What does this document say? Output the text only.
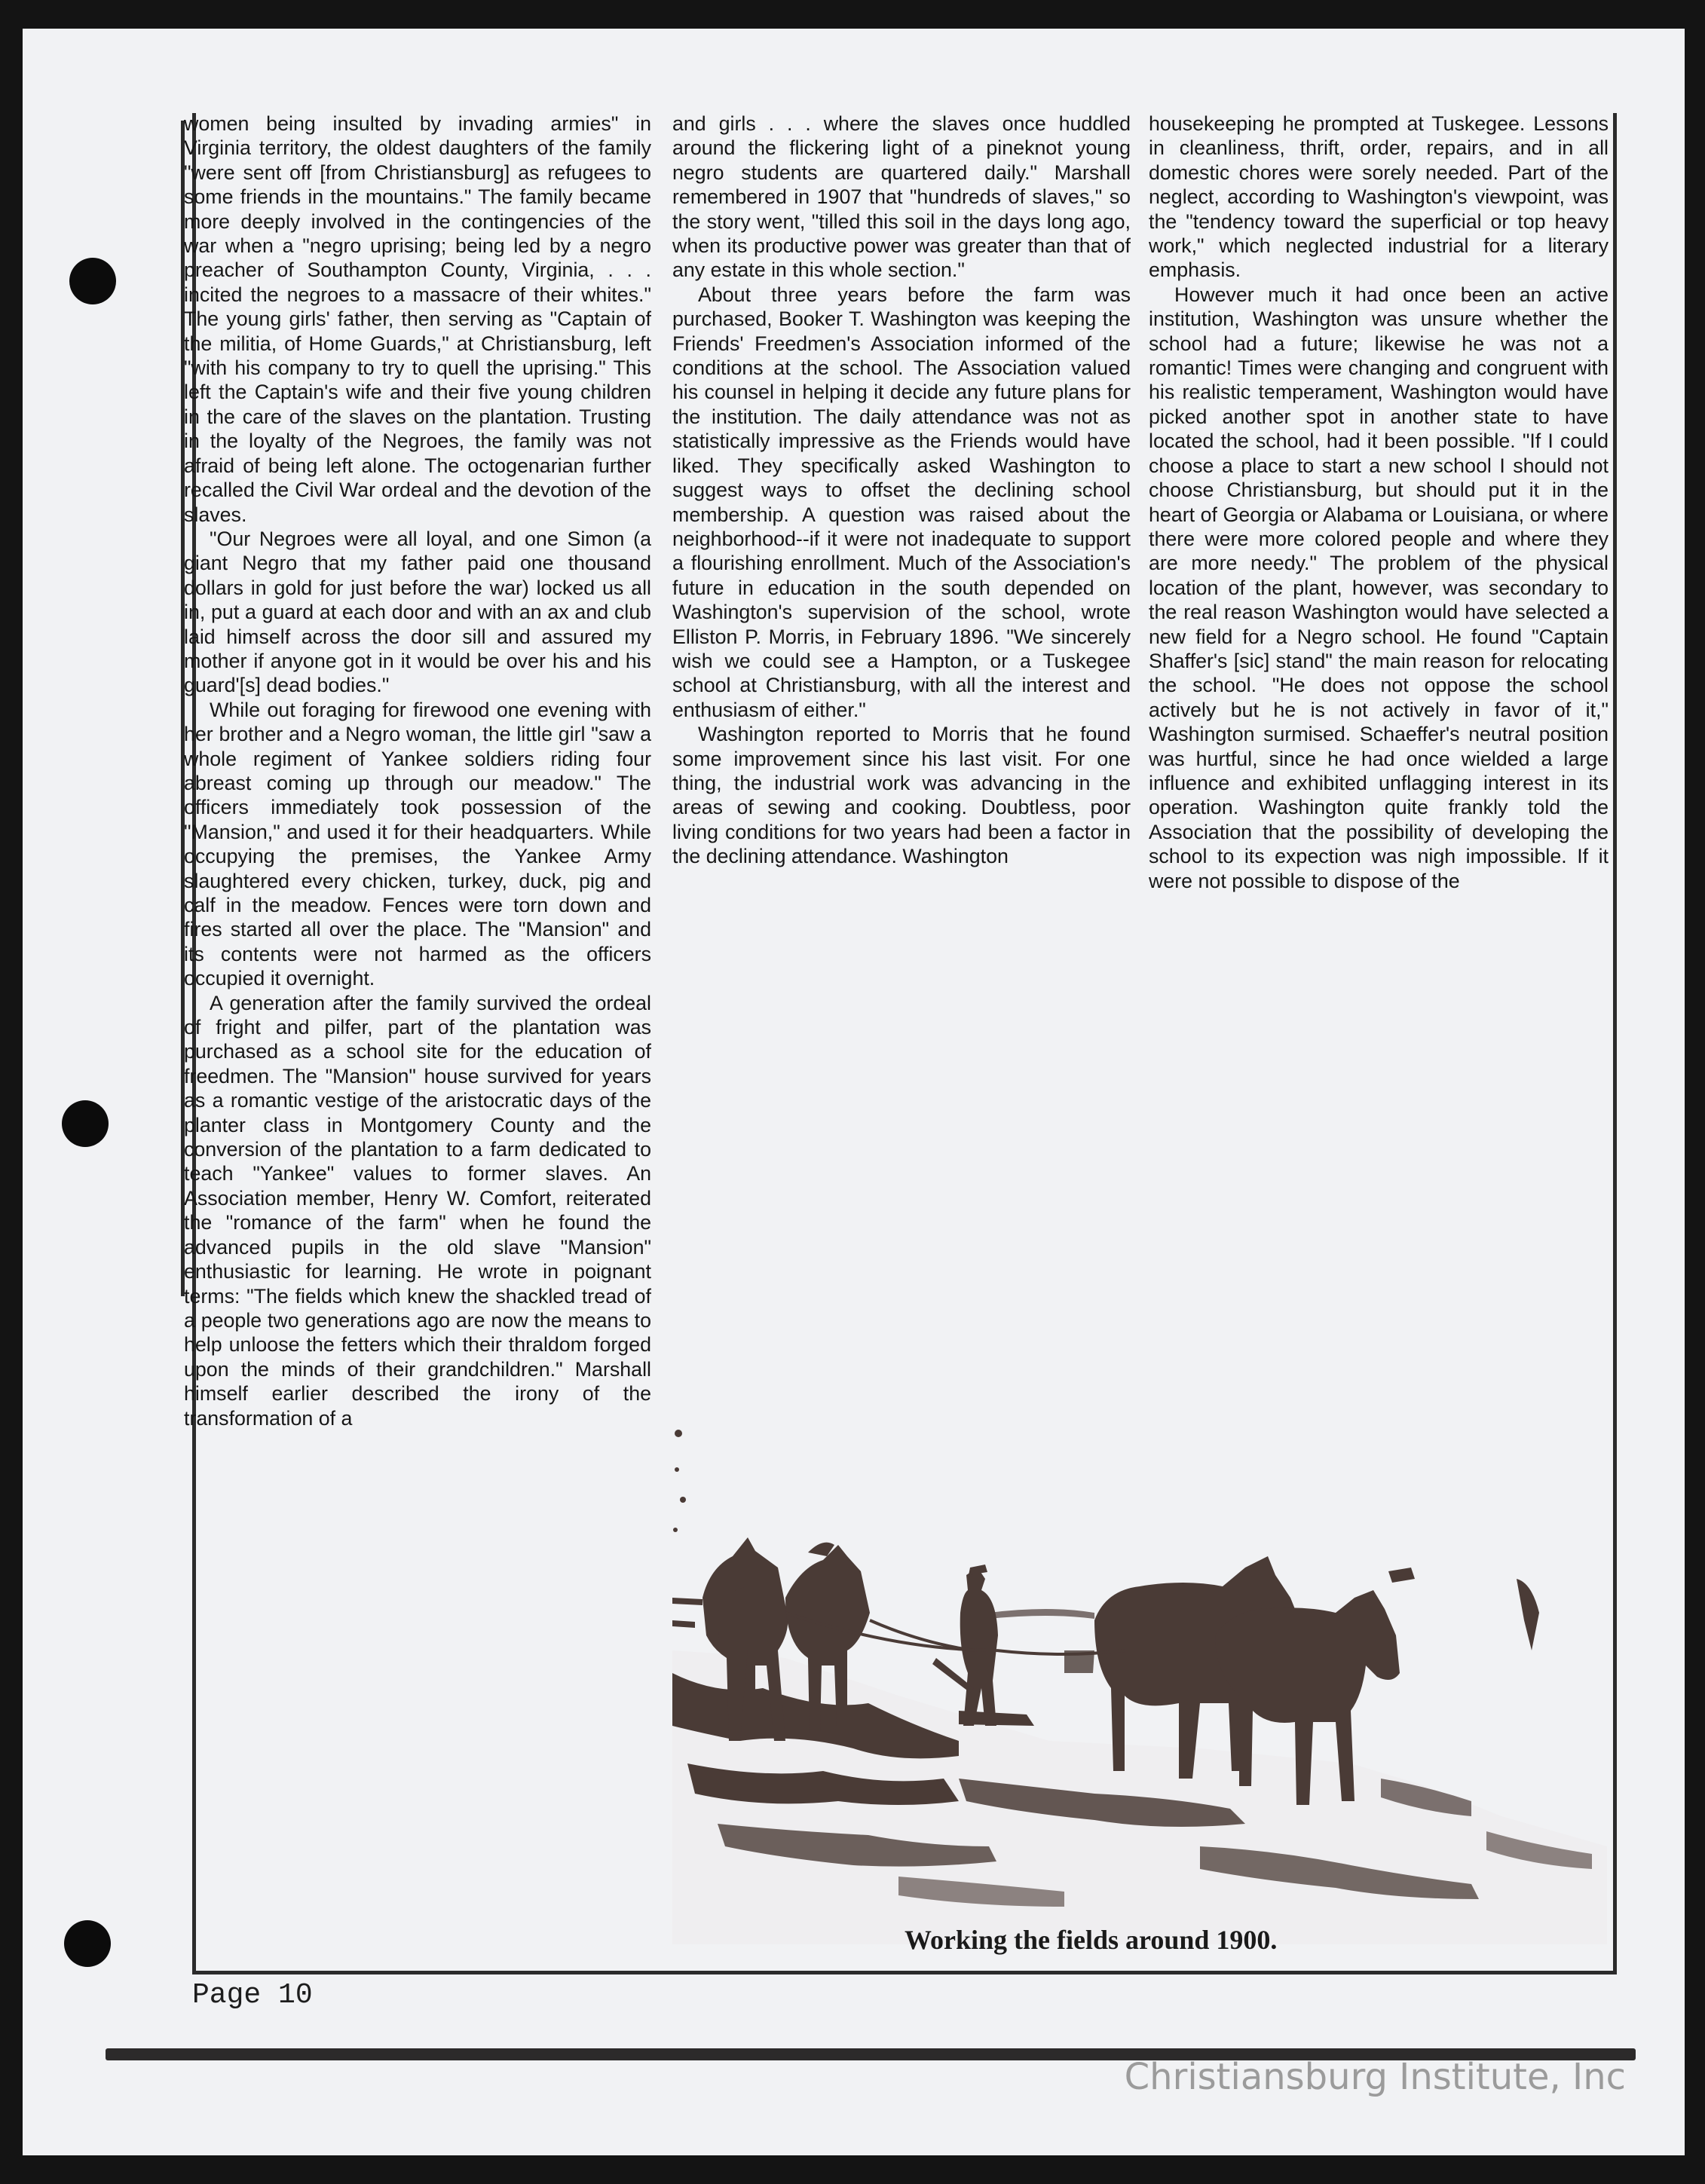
women being insulted by invading armies" in Virginia territory, the oldest daughters of the family "were sent off [from Christiansburg] as refugees to some friends in the mountains." The family became more deeply involved in the contingencies of the war when a "negro uprising; being led by a negro preacher of Southampton County, Virginia, . . . incited the negroes to a massacre of their whites." The young girls' father, then serving as "Captain of the militia, of Home Guards," at Christiansburg, left "with his company to try to quell the uprising." This left the Captain's wife and their five young children in the care of the slaves on the plantation. Trusting in the loyalty of the Negroes, the family was not afraid of being left alone. The octogenarian further recalled the Civil War ordeal and the devotion of the slaves.

"Our Negroes were all loyal, and one Simon (a giant Negro that my father paid one thousand dollars in gold for just before the war) locked us all in, put a guard at each door and with an ax and club laid himself across the door sill and assured my mother if anyone got in it would be over his and his guard'[s] dead bodies."

While out foraging for firewood one evening with her brother and a Negro woman, the little girl "saw a whole regiment of Yankee soldiers riding four abreast coming up through our meadow." The officers immediately took possession of the "Mansion," and used it for their headquarters. While occupying the premises, the Yankee Army slaughtered every chicken, turkey, duck, pig and calf in the meadow. Fences were torn down and fires started all over the place. The "Mansion" and its contents were not harmed as the officers occupied it overnight.

A generation after the family survived the ordeal of fright and pilfer, part of the plantation was purchased as a school site for the education of freedmen. The "Mansion" house survived for years as a romantic vestige of the aristocratic days of the planter class in Montgomery County and the conversion of the plantation to a farm dedicated to teach "Yankee" values to former slaves. An Association member, Henry W. Comfort, reiterated the "romance of the farm" when he found the advanced pupils in the old slave "Mansion" enthusiastic for learning. He wrote in poignant terms: "The fields which knew the shackled tread of a people two generations ago are now the means to help unloose the fetters which their thraldom forged upon the minds of their grandchildren." Marshall himself earlier described the irony of the transformation of a

and girls . . . where the slaves once huddled around the flickering light of a pineknot young negro students are quartered daily." Marshall remembered in 1907 that "hundreds of slaves," so the story went, "tilled this soil in the days long ago, when its productive power was greater than that of any estate in this whole section."

About three years before the farm was purchased, Booker T. Washington was keeping the Friends' Freedmen's Association informed of the conditions at the school. The Association valued his counsel in helping it decide any future plans for the institution. The daily attendance was not as statistically impressive as the Friends would have liked. They specifically asked Washington to suggest ways to offset the declining school membership. A question was raised about the neighborhood--if it were not inadequate to support a flourishing enrollment. Much of the Association's future in education in the south depended on Washington's supervision of the school, wrote Elliston P. Morris, in February 1896. "We sincerely wish we could see a Hampton, or a Tuskegee school at Christiansburg, with all the interest and enthusiasm of either."

Washington reported to Morris that he found some improvement since his last visit. For one thing, the industrial work was advancing in the areas of sewing and cooking. Doubtless, poor living conditions for two years had been a factor in the declining attendance. Washington

housekeeping he prompted at Tuskegee. Lessons in cleanliness, thrift, order, repairs, and in all domestic chores were sorely needed. Part of the neglect, according to Washington's viewpoint, was the "tendency toward the superficial or top heavy work," which neglected industrial for a literary emphasis.

However much it had once been an active institution, Washington was unsure whether the school had a future; likewise he was not a romantic! Times were changing and congruent with his realistic temperament, Washington would have picked another spot in another state to have located the school, had it been possible. "If I could choose a place to start a new school I should not choose Christiansburg, but should put it in the heart of Georgia or Alabama or Louisiana, or where there were more colored people and where they are more needy." The problem of the physical location of the plant, however, was secondary to the real reason Washington would have selected a new field for a Negro school. He found "Captain Shaffer's [sic] stand" the main reason for relocating the school. "He does not oppose the school actively but he is not actively in favor of it," Washington surmised. Schaeffer's neutral position was hurtful, since he had once wielded a large influence and exhibited unflagging interest in its operation. Washington quite frankly told the Association that the possibility of developing the school to its expection was nigh impossible. If it were not possible to dispose of the

Working the fields around 1900.
Page 10
Christiansburg Institute, Inc
